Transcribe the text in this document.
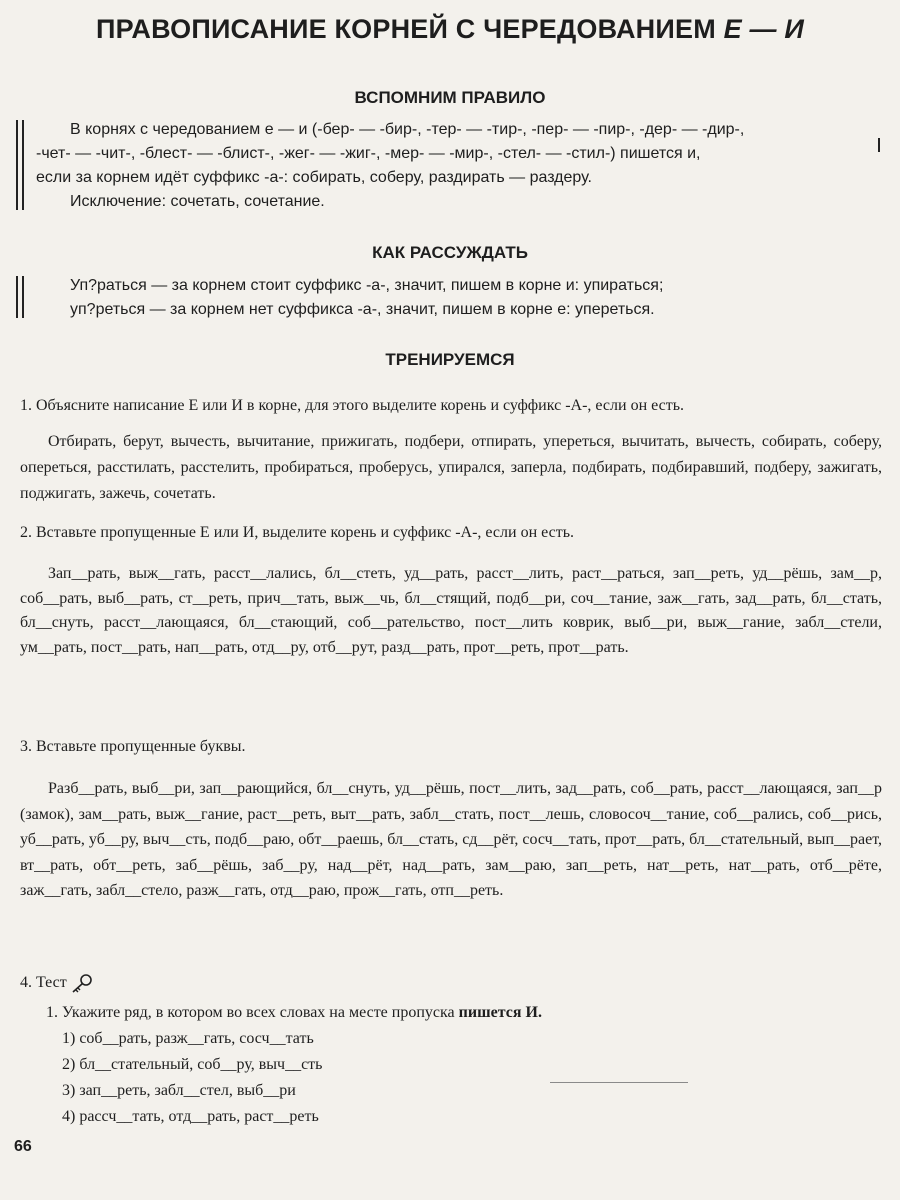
ПРАВОПИСАНИЕ КОРНЕЙ С ЧЕРЕДОВАНИЕМ Е — И
ВСПОМНИМ ПРАВИЛО

В корнях с чередованием е — и (-бер- — -бир-, -тер- — -тир-, -пер- — -пир-, -дер- — -дир-,

-чет- — -чит-, -блест- — -блист-, -жег- — -жиг-, -мер- — -мир-, -стел- — -стил-) пишется и,

если за корнем идёт суффикс -а-: собирать, соберу, раздирать — раздеру.

Исключение: сочетать, сочетание.

КАК РАССУЖДАТЬ

Уп?раться — за корнем стоит суффикс -а-, значит, пишем в корне и: упираться;

уп?реться — за корнем нет суффикса -а-, значит, пишем в корне е: упереться.

ТРЕНИРУЕМСЯ
1. Объясните написание Е или И в корне, для этого выделите корень и суффикс -А-, если он есть.
Отбирать, берут, вычесть, вычитание, прижигать, подбери, отпирать, упереться, вычитать, вычесть, собирать, соберу, опереться, расстилать, расстелить, пробираться, проберусь, упирался, заперла, подбирать, подбиравший, подберу, зажигать, поджигать, зажечь, сочетать.
2. Вставьте пропущенные Е или И, выделите корень и суффикс -А-, если он есть.
Зап__рать, выж__гать, расст__лались, бл__стеть, уд__рать, расст__лить, раст__раться, зап__реть, уд__рёшь, зам__р, соб__рать, выб__рать, ст__реть, прич__тать, выж__чь, бл__стящий, подб__ри, соч__тание, заж__гать, зад__рать, бл__стать, бл__снуть, расст__лающаяся, бл__стающий, соб__рательство, пост__лить коврик, выб__ри, выж__гание, забл__стели, ум__рать, пост__рать, нап__рать, отд__ру, отб__рут, разд__рать, прот__реть, прот__рать.
3. Вставьте пропущенные буквы.
Разб__рать, выб__ри, зап__рающийся, бл__снуть, уд__рёшь, пост__лить, зад__рать, соб__рать, расст__лающаяся, зап__р (замок), зам__рать, выж__гание, раст__реть, выт__рать, забл__стать, пост__лешь, словосоч__тание, соб__рались, соб__рись, уб__рать, уб__ру, выч__сть, подб__раю, обт__раешь, бл__стать, сд__рёт, сосч__тать, прот__рать, бл__стательный, вып__рает, вт__рать, обт__реть, заб__рёшь, заб__ру, над__рёт, над__рать, зам__раю, зап__реть, нат__реть, нат__рать, отб__рёте, заж__гать, забл__стело, разж__гать, отд__раю, прож__гать, отп__реть.
4. Тест
1. Укажите ряд, в котором во всех словах на месте пропуска пишется И.
1) соб__рать, разж__гать, сосч__тать
2) бл__стательный, соб__ру, выч__сть
3) зап__реть, забл__стел, выб__ри
4) рассч__тать, отд__рать, раст__реть
66
